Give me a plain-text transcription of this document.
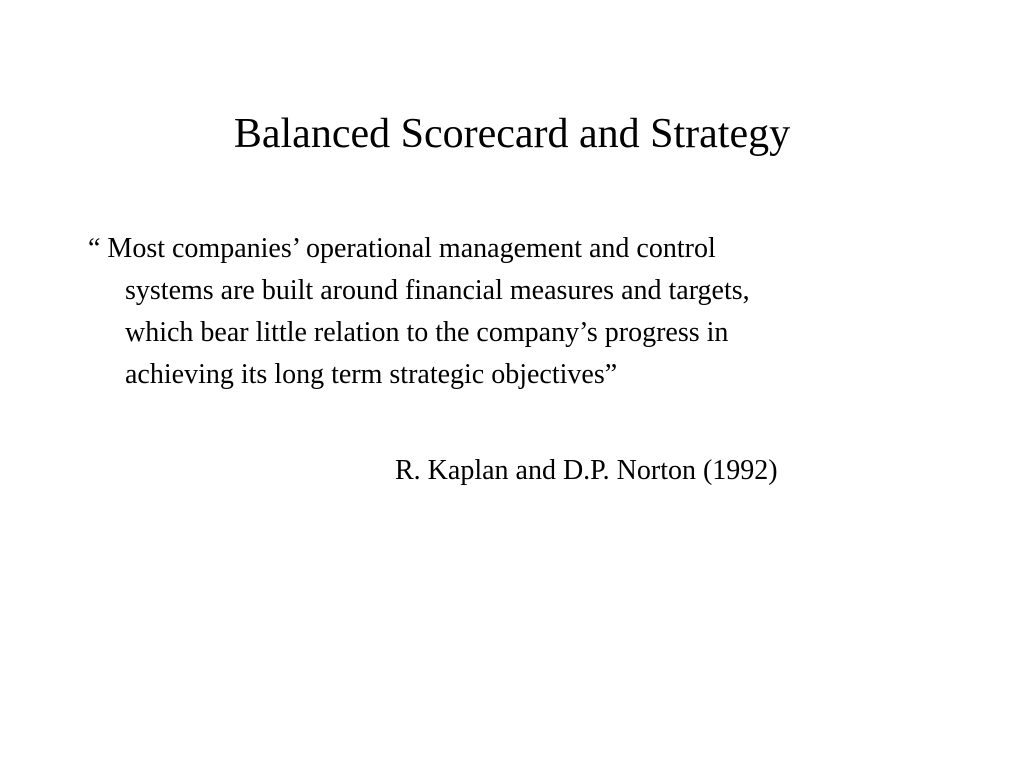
Balanced Scorecard and Strategy

“ Most companies’ operational management and control
systems are built around financial measures and targets,
which bear little relation to the company’s progress in
achieving its long term strategic objectives”

R. Kaplan and D.P. Norton (1992)
